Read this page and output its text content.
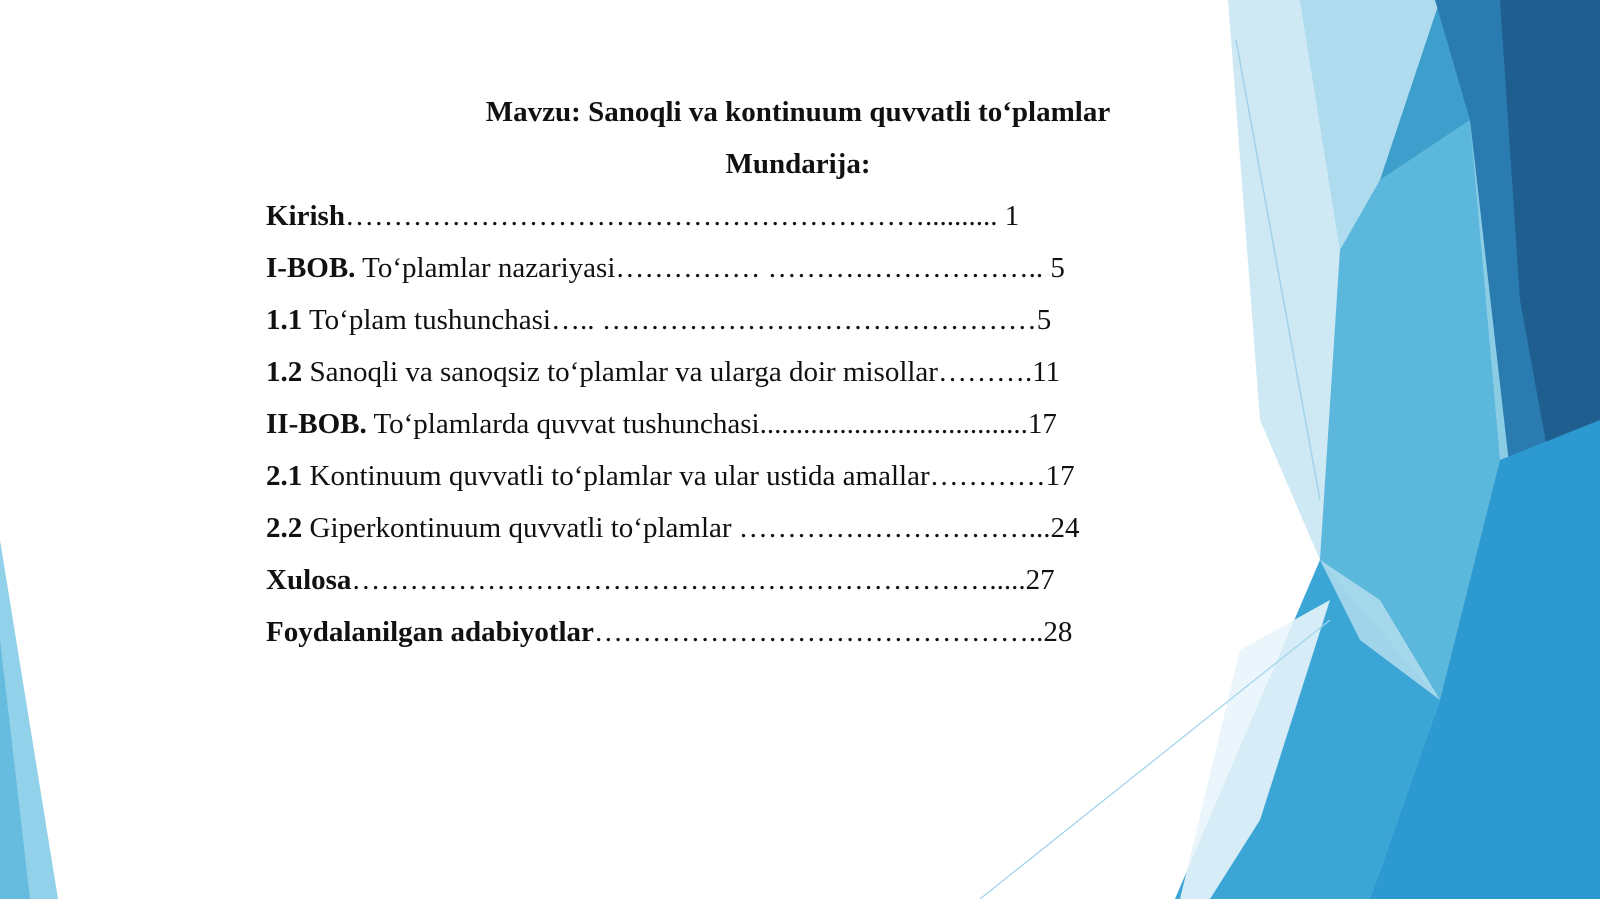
Mavzu: Sanoqli va kontinuum quvvatli to‘plamlar
Mundarija:
Kirish…………………………………………………….......... 1
I-BOB. To‘plamlar nazariyasi…………… ……………………….. 5
1.1 To‘plam tushunchasi….. ………………………………………5
1.2 Sanoqli va sanoqsiz to‘plamlar va ularga doir misollar……….11
II-BOB. To‘plamlarda quvvat tushunchasi.....................................17
2.1 Kontinuum quvvatli to‘plamlar va ular ustida amallar…………17
2.2 Giperkontinuum quvvatli to‘plamlar …………………………...24
Xulosa………………………………………………………….....27
Foydalanilgan adabiyotlar………………………………………..28
